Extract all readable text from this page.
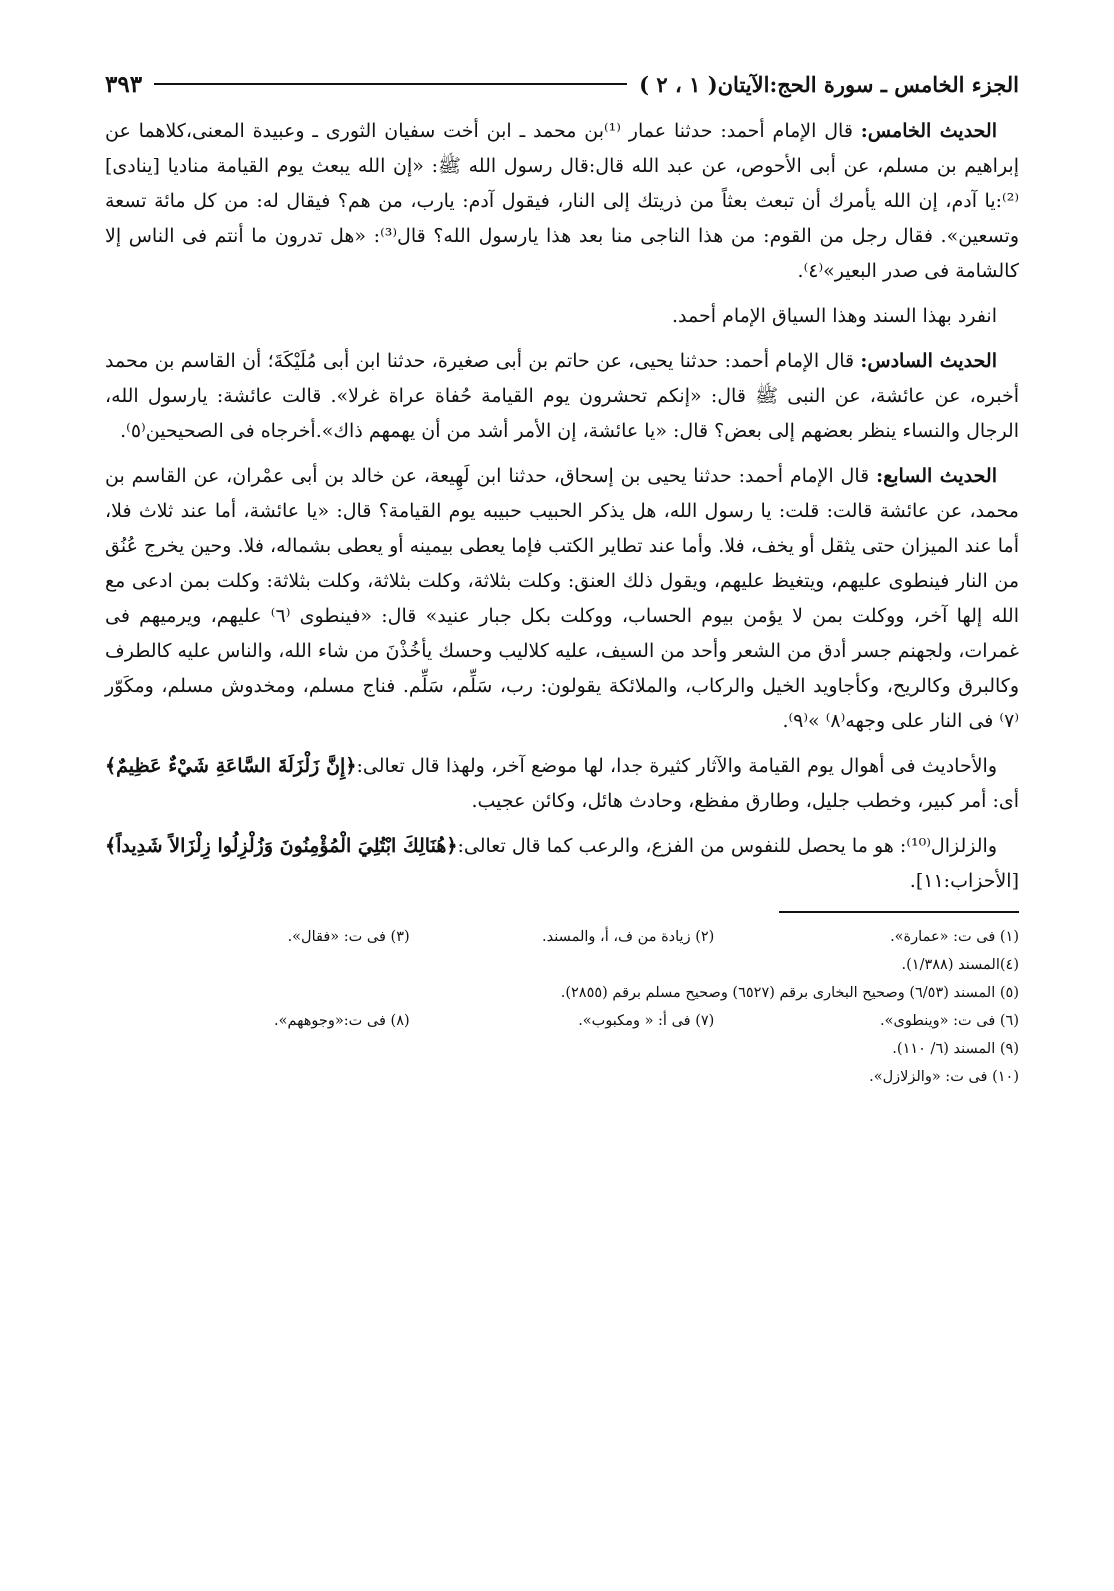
الجزء الخامس ـ سورة الحج:الآيتان( ١ ، ٢ )
٣٩٣

الحديث الخامس: قال الإمام أحمد: حدثنا عمار ⁽¹⁾بن محمد ـ ابن أخت سفيان الثورى ـ وعبيدة المعنى،كلاهما عن إبراهيم بن مسلم، عن أبى الأحوص، عن عبد الله قال:قال رسول الله ﷺ: «إن الله يبعث يوم القيامة مناديا [ينادى]⁽²⁾:يا آدم، إن الله يأمرك أن تبعث بعثاً من ذريتك إلى النار، فيقول آدم: يارب، من هم؟ فيقال له: من كل مائة تسعة وتسعين». فقال رجل من القوم: من هذا الناجى منا بعد هذا يارسول الله؟ قال⁽³⁾: «هل تدرون ما أنتم فى الناس إلا كالشامة فى صدر البعير»⁽٤⁾.

انفرد بهذا السند وهذا السياق الإمام أحمد.

الحديث السادس: قال الإمام أحمد: حدثنا يحيى، عن حاتم بن أبى صغيرة، حدثنا ابن أبى مُلَيْكَةَ؛ أن القاسم بن محمد أخبره، عن عائشة، عن النبى ﷺ قال: «إنكم تحشرون يوم القيامة حُفاة عراة غرلا». قالت عائشة: يارسول الله، الرجال والنساء ينظر بعضهم إلى بعض؟ قال: «يا عائشة، إن الأمر أشد من أن يهمهم ذاك».أخرجاه فى الصحيحين⁽٥⁾.

الحديث السابع: قال الإمام أحمد: حدثنا يحيى بن إسحاق، حدثنا ابن لَهِيعة، عن خالد بن أبى عمْران، عن القاسم بن محمد، عن عائشة قالت: قلت: يا رسول الله، هل يذكر الحبيب حبيبه يوم القيامة؟ قال: «يا عائشة، أما عند ثلاث فلا، أما عند الميزان حتى يثقل أو يخف، فلا. وأما عند تطاير الكتب فإما يعطى بيمينه أو يعطى بشماله، فلا. وحين يخرج عُنُق من النار فينطوى عليهم، ويتغيظ عليهم، ويقول ذلك العنق: وكلت بثلاثة، وكلت بثلاثة، وكلت بثلاثة: وكلت بمن ادعى مع الله إلها آخر، ووكلت بمن لا يؤمن بيوم الحساب، ووكلت بكل جبار عنيد» قال: «فينطوى ⁽٦⁾ عليهم، ويرميهم فى غمرات، ولجهنم جسر أدق من الشعر وأحد من السيف، عليه كلاليب وحسك يأخُذْنَ من شاء الله، والناس عليه كالطرف وكالبرق وكالريح، وكأجاويد الخيل والركاب، والملائكة يقولون: رب، سَلِّم، سَلِّم. فناج مسلم، ومخدوش مسلم، ومكَوّر ⁽٧⁾ فى النار على وجهه⁽٨⁾ »⁽٩⁾.

والأحاديث فى أهوال يوم القيامة والآثار كثيرة جدا، لها موضع آخر، ولهذا قال تعالى:﴿إِنَّ زَلْزَلَةَ السَّاعَةِ شَيْءٌ عَظِيمٌ﴾ أى: أمر كبير، وخطب جليل، وطارق مفظع، وحادث هائل، وكائن عجيب.

والزلزال⁽¹⁰⁾: هو ما يحصل للنفوس من الفزع، والرعب كما قال تعالى:﴿هُنَالِكَ ابْتُلِيَ الْمُؤْمِنُونَ وَزُلْزِلُوا زِلْزَالاً شَدِيداً﴾[الأحزاب:١١].

(١) فى ت: «عمارة».
(٢) زيادة من ف، أ، والمسند.
(٣) فى ت: «فقال».
(٤)المسند (١/٣٨٨).
(٥) المسند (٦/٥٣) وصحيح البخارى برقم (٦٥٢٧) وصحيح مسلم برقم (٢٨٥٥).
(٦) فى ت: «وينطوى».
(٧) فى أ: « ومكبوب».
(٨) فى ت:«وجوههم».
(٩) المسند (٦/ ١١٠).
(١٠) فى ت: «والزلازل».
